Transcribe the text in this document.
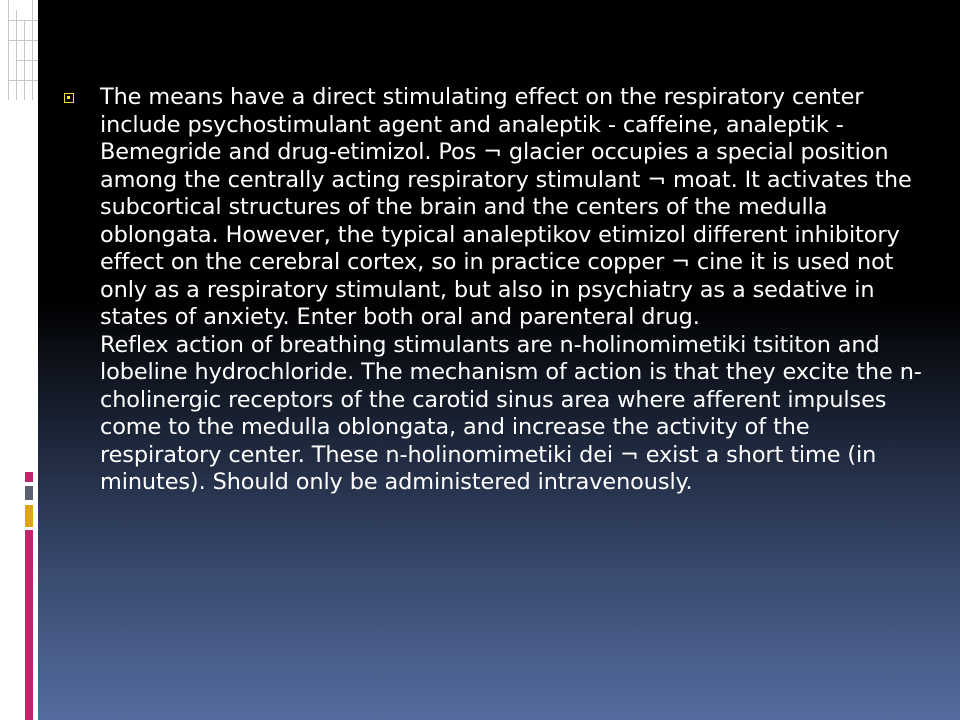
The means have a direct stimulating effect on the respiratory center include psychostimulant agent and analeptik - caffeine, analeptik - Bemegride and drug-etimizol. Pos ¬ glacier occupies a special position among the centrally acting respiratory stimulant ¬ moat. It activates the subcortical structures of the brain and the centers of the medulla oblongata. However, the typical analeptikov etimizol different inhibitory effect on the cerebral cortex, so in practice copper ¬ cine it is used not only as a respiratory stimulant, but also in psychiatry as a sedative in states of anxiety. Enter both oral and parenteral drug.

Reflex action of breathing stimulants are n-holinomimetiki tsititon and lobeline hydrochloride. The mechanism of action is that they excite the n-cholinergic receptors of the carotid sinus area where afferent impulses come to the medulla oblongata, and increase the activity of the respiratory center. These n-holinomimetiki dei ¬ exist a short time (in minutes). Should only be administered intravenously.
